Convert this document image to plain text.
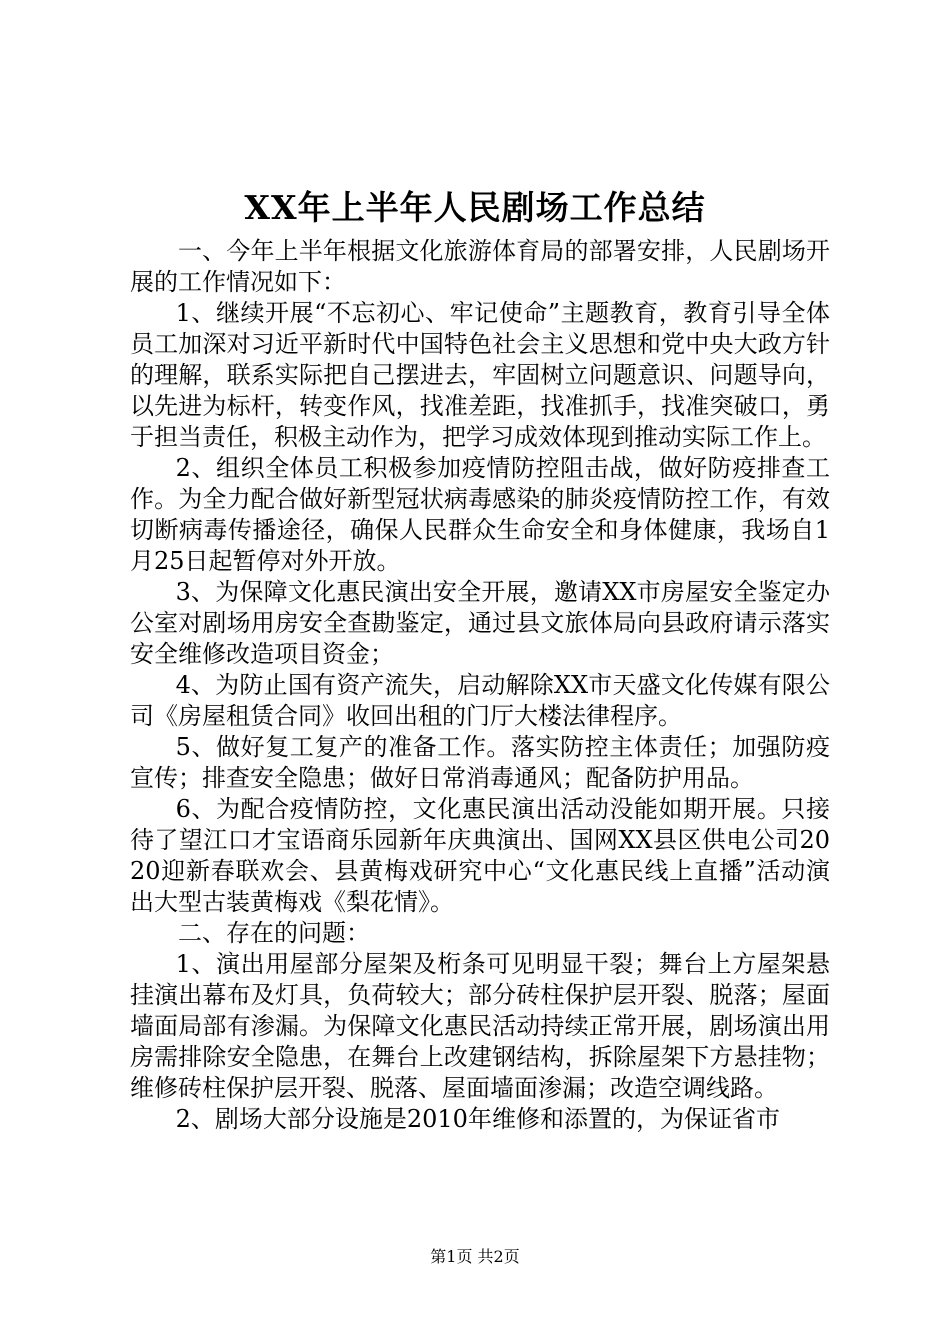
XX年上半年人民剧场工作总结

一、今年上半年根据文化旅游体育局的部署安排，人民剧场开展的工作情况如下：

1、继续开展“不忘初心、牢记使命”主题教育，教育引导全体员工加深对习近平新时代中国特色社会主义思想和党中央大政方针的理解，联系实际把自己摆进去，牢固树立问题意识、问题导向，以先进为标杆，转变作风，找准差距，找准抓手，找准突破口，勇于担当责任，积极主动作为，把学习成效体现到推动实际工作上。

2、组织全体员工积极参加疫情防控阻击战，做好防疫排查工作。为全力配合做好新型冠状病毒感染的肺炎疫情防控工作，有效切断病毒传播途径，确保人民群众生命安全和身体健康，我场自1月25日起暂停对外开放。

3、为保障文化惠民演出安全开展，邀请XX市房屋安全鉴定办公室对剧场用房安全查勘鉴定，通过县文旅体局向县政府请示落实安全维修改造项目资金；

4、为防止国有资产流失，启动解除XX市天盛文化传媒有限公司《房屋租赁合同》收回出租的门厅大楼法律程序。

5、做好复工复产的准备工作。落实防控主体责任；加强防疫宣传；排查安全隐患；做好日常消毒通风；配备防护用品。

6、为配合疫情防控，文化惠民演出活动没能如期开展。只接待了望江口才宝语商乐园新年庆典演出、国网XX县区供电公司2020迎新春联欢会、县黄梅戏研究中心“文化惠民线上直播”活动演出大型古装黄梅戏《梨花情》。

二、存在的问题：

1、演出用屋部分屋架及桁条可见明显干裂；舞台上方屋架悬挂演出幕布及灯具，负荷较大；部分砖柱保护层开裂、脱落；屋面墙面局部有渗漏。为保障文化惠民活动持续正常开展，剧场演出用房需排除安全隐患，在舞台上改建钢结构，拆除屋架下方悬挂物；维修砖柱保护层开裂、脱落、屋面墙面渗漏；改造空调线路。

2、剧场大部分设施是2010年维修和添置的，为保证省市

第1页 共2页
